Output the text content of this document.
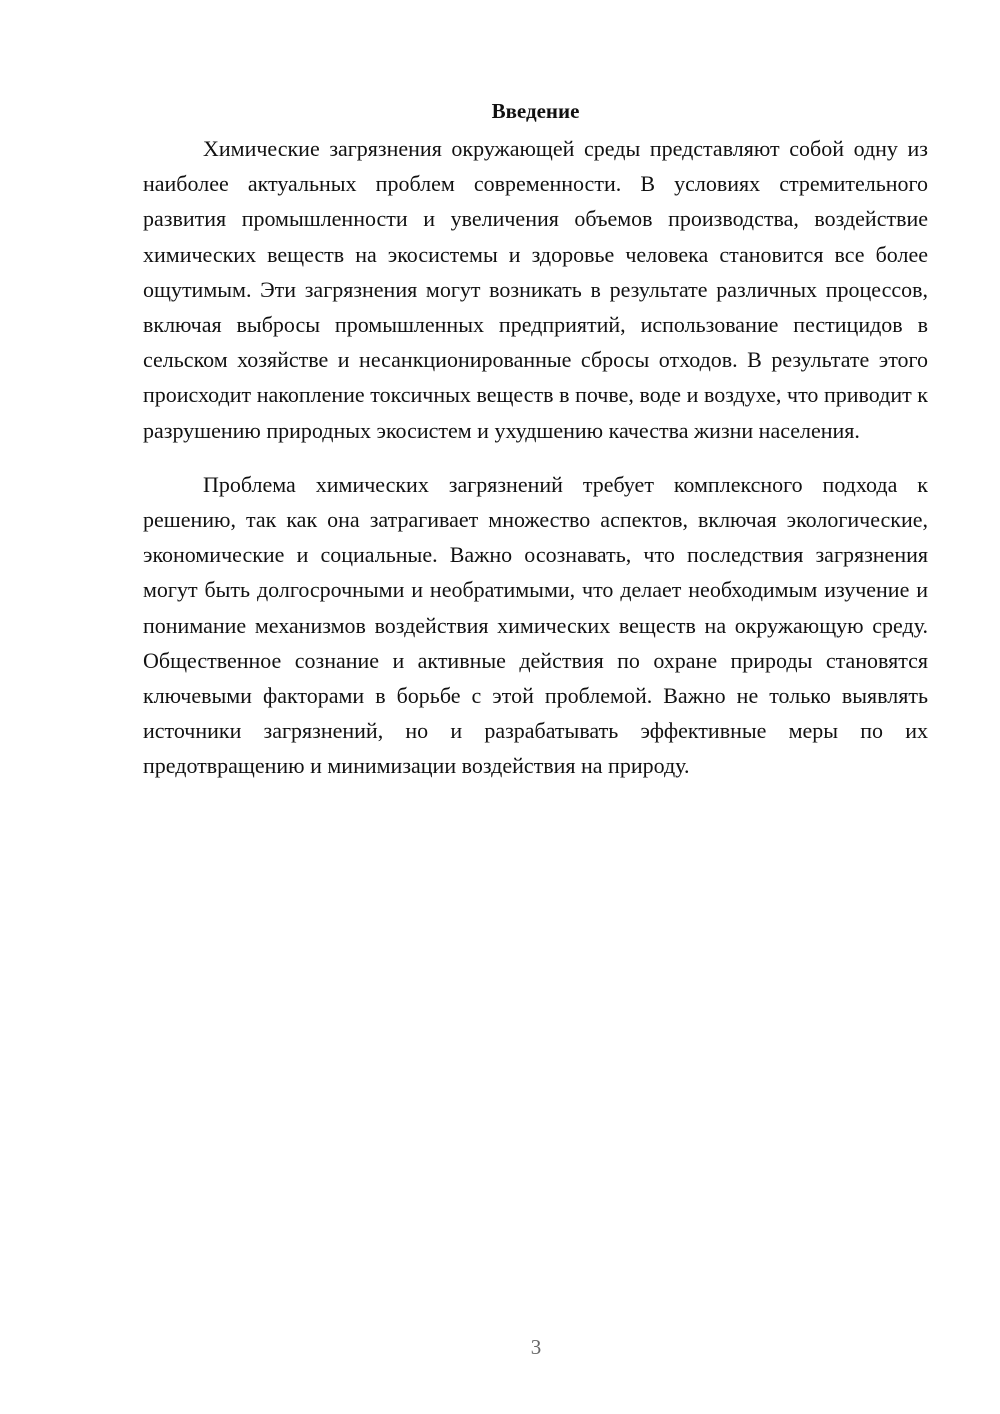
Введение

Химические загрязнения окружающей среды представляют собой одну из наиболее актуальных проблем современности. В условиях стремительного развития промышленности и увеличения объемов производства, воздействие химических веществ на экосистемы и здоровье человека становится все более ощутимым. Эти загрязнения могут возникать в результате различных процессов, включая выбросы промышленных предприятий, использование пестицидов в сельском хозяйстве и несанкционированные сбросы отходов. В результате этого происходит накопление токсичных веществ в почве, воде и воздухе, что приводит к разрушению природных экосистем и ухудшению качества жизни населения.

Проблема химических загрязнений требует комплексного подхода к решению, так как она затрагивает множество аспектов, включая экологические, экономические и социальные. Важно осознавать, что последствия загрязнения могут быть долгосрочными и необратимыми, что делает необходимым изучение и понимание механизмов воздействия химических веществ на окружающую среду. Общественное сознание и активные действия по охране природы становятся ключевыми факторами в борьбе с этой проблемой. Важно не только выявлять источники загрязнений, но и разрабатывать эффективные меры по их предотвращению и минимизации воздействия на природу.

3
